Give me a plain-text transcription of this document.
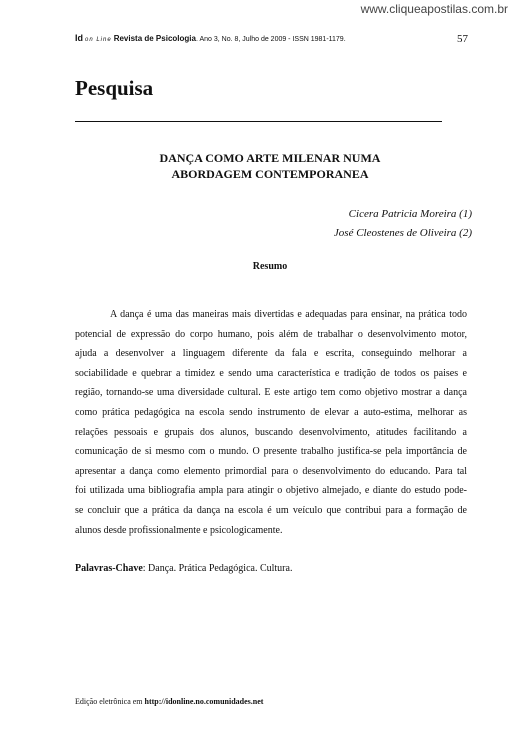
www.cliqueapostilas.com.br
Id on Line Revista de Psicologia. Ano 3, No. 8, Julho de 2009 - ISSN 1981-1179.	57
Pesquisa
DANÇA COMO ARTE MILENAR NUMA
ABORDAGEM CONTEMPORANEA
Cicera Patricia Moreira (1)
José Cleostenes de Oliveira (2)
Resumo
A dança é uma das maneiras mais divertidas e adequadas para ensinar, na prática todo
potencial de expressão do corpo humano, pois além de trabalhar o desenvolvimento motor,
ajuda a desenvolver a linguagem diferente da fala e escrita, conseguindo melhorar a
sociabilidade e quebrar a timidez e sendo uma característica e tradição de todos os paises e
região, tornando-se uma diversidade cultural. E este artigo tem como objetivo mostrar a dança
como prática pedagógica na escola sendo instrumento de elevar a auto-estima, melhorar as
relações pessoais e grupais dos alunos, buscando desenvolvimento, atitudes facilitando a
comunicação de si mesmo com o mundo. O presente trabalho justifica-se pela importância de
apresentar a dança como elemento primordial para o desenvolvimento do educando. Para tal
foi utilizada uma bibliografia ampla para atingir o objetivo almejado, e diante do estudo pode-
se concluir que a prática da dança na escola é um veículo que contribui para a formação de
alunos desde profissionalmente e psicologicamente.
Palavras-Chave: Dança. Prática Pedagógica. Cultura.
Edição eletrônica em http://idonline.no.comunidades.net
